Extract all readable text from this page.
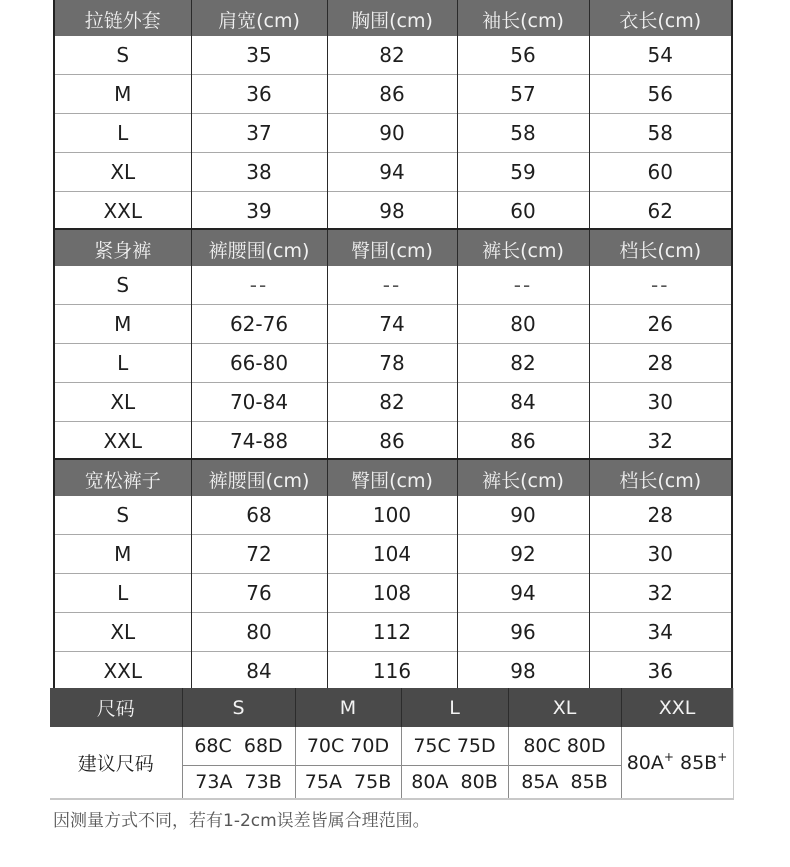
拉链外套	肩宽(cm)	胸围(cm)	袖长(cm)	衣长(cm)
S	35	82	56	54
M	36	86	57	56
L	37	90	58	58
XL	38	94	59	60
XXL	39	98	60	62
紧身裤	裤腰围(cm)	臀围(cm)	裤长(cm)	档长(cm)
S	--	--	--	--
M	62-76	74	80	26
L	66-80	78	82	28
XL	70-84	82	84	30
XXL	74-88	86	86	32
宽松裤子	裤腰围(cm)	臀围(cm)	裤长(cm)	档长(cm)
S	68	100	90	28
M	72	104	92	30
L	76	108	94	32
XL	80	112	96	34
XXL	84	116	98	36
尺码	S	M	L	XL	XXL
建议尺码	68C  68D	70C 70D	75C 75D	80C 80D	80A+ 85B+
	73A  73B	75A  75B	80A  80B	85A  85B	
因测量方式不同，若有1-2cm误差皆属合理范围。
